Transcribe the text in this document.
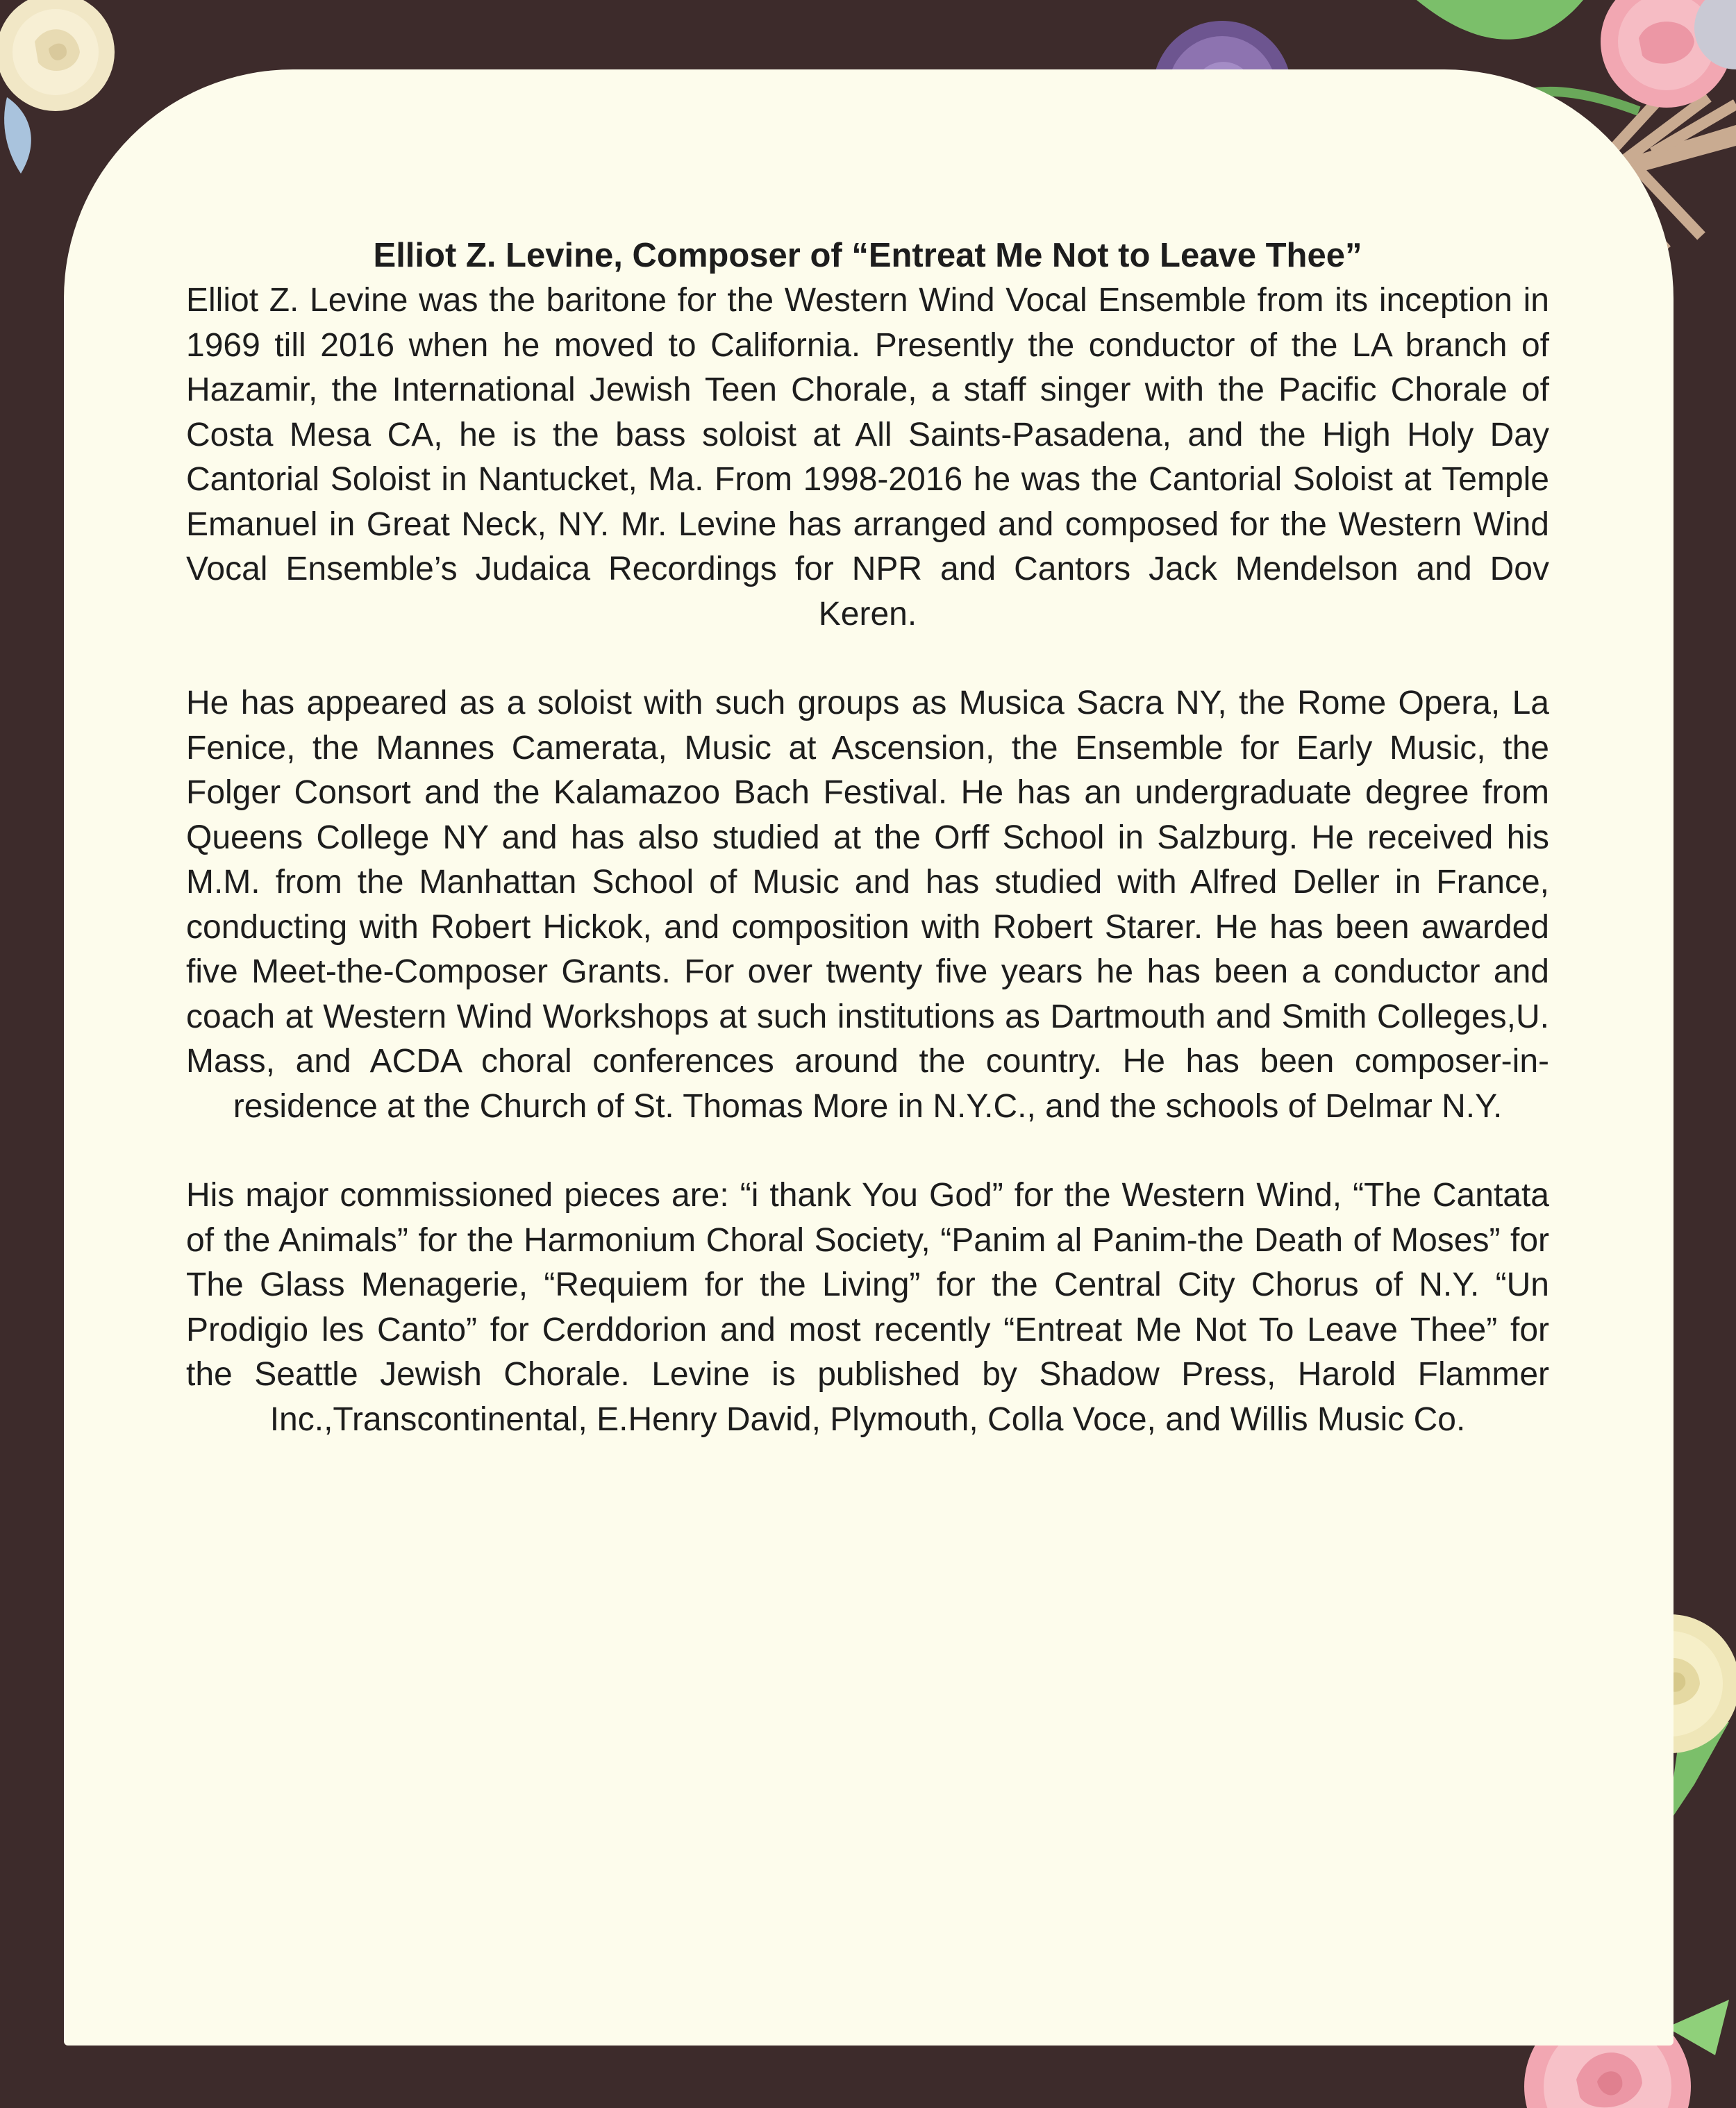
Elliot Z. Levine, Composer of “Entreat Me Not to Leave Thee”

Elliot Z. Levine was the baritone for the Western Wind Vocal Ensemble from its inception in 1969 till 2016 when he moved to California. Presently the conductor of the LA branch of Hazamir, the International Jewish Teen Chorale, a staff singer with the Pacific Chorale of Costa Mesa CA, he is the bass soloist at All Saints-Pasadena, and the High Holy Day Cantorial Soloist in Nantucket, Ma. From 1998-2016 he was the Cantorial Soloist at Temple Emanuel in Great Neck, NY. Mr. Levine has arranged and composed for the Western Wind Vocal Ensemble’s Judaica Recordings for NPR and Cantors Jack Mendelson and Dov Keren.

He has appeared as a soloist with such groups as Musica Sacra NY, the Rome Opera, La Fenice, the Mannes Camerata, Music at Ascension, the Ensemble for Early Music, the Folger Consort and the Kalamazoo Bach Festival. He has an undergraduate degree from Queens College NY and has also studied at the Orff School in Salzburg. He received his M.M. from the Manhattan School of Music and has studied with Alfred Deller in France, conducting with Robert Hickok, and composition with Robert Starer. He has been awarded five Meet-the-Composer Grants. For over twenty five years he has been a conductor and coach at Western Wind Workshops at such institutions as Dartmouth and Smith Colleges,U. Mass, and ACDA choral conferences around the country. He has been composer-in-residence at the Church of St. Thomas More in N.Y.C., and the schools of Delmar N.Y.

His major commissioned pieces are: “i thank You God” for the Western Wind, “The Cantata of the Animals” for the Harmonium Choral Society, “Panim al Panim-the Death of Moses” for The Glass Menagerie, “Requiem for the Living” for the Central City Chorus of N.Y. “Un Prodigio les Canto” for Cerddorion and most recently “Entreat Me Not To Leave Thee” for the Seattle Jewish Chorale. Levine is published by Shadow Press, Harold Flammer Inc.,Transcontinental, E.Henry David, Plymouth, Colla Voce, and Willis Music Co.
